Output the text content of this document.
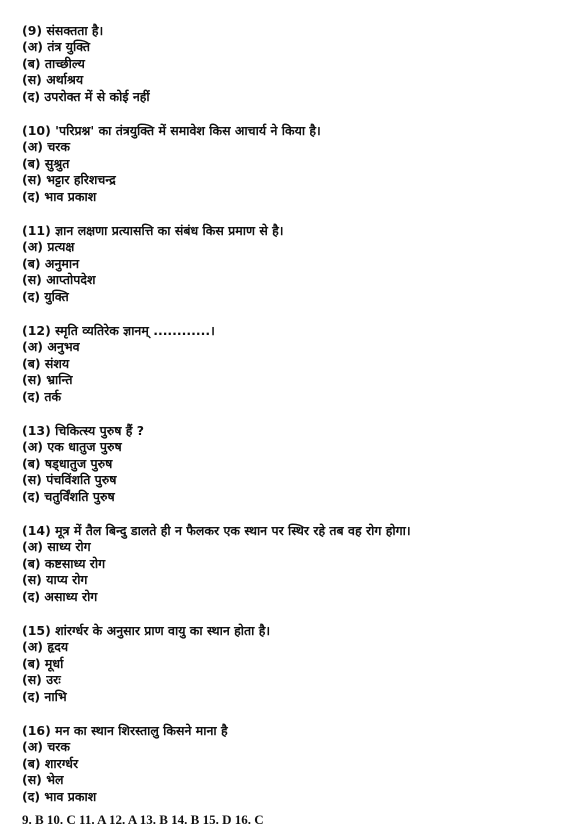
(9) संसक्तता है।
(अ) तंत्र युक्ति
(ब) ताच्छील्य
(स) अर्थाश्रय
(द) उपरोक्त में से कोई नहीं
(10) 'परिप्रश्न' का तंत्रयुक्ति में समावेश किस आचार्य ने किया है।
(अ) चरक
(ब) सुश्रुत
(स) भट्टार हरिशचन्द्र
(द) भाव प्रकाश
(11) ज्ञान लक्षणा प्रत्यासत्ति का संबंध किस प्रमाण से है।
(अ) प्रत्यक्ष
(ब) अनुमान
(स) आप्तोपदेश
(द) युक्ति
(12) स्मृति व्यतिरेक ज्ञानम् ............।
(अ) अनुभव
(ब) संशय
(स) भ्रान्ति
(द) तर्क
(13) चिकित्स्य पुरुष हैं ?
(अ) एक धातुज पुरुष
(ब) षड्धातुज पुरुष
(स) पंचविंशति पुरुष
(द) चतुर्विंशति पुरुष
(14) मूत्र में तैल बिन्दु डालते ही न फैलकर एक स्थान पर स्थिर रहे तब वह रोग होगा।
(अ) साध्य रोग
(ब) कष्टसाध्य रोग
(स) याप्य रोग
(द) असाध्य रोग
(15) शांरर्ग्धर के अनुसार प्राण वायु का स्थान होता है।
(अ) हृदय
(ब) मूर्धा
(स) उरः
(द) नाभि
(16) मन का स्थान शिरस्तालु किसने माना है
(अ) चरक
(ब) शारर्ग्धर
(स) भेल
(द) भाव प्रकाश
9. B 10. C 11. A 12. A 13. B 14. B 15. D 16. C
